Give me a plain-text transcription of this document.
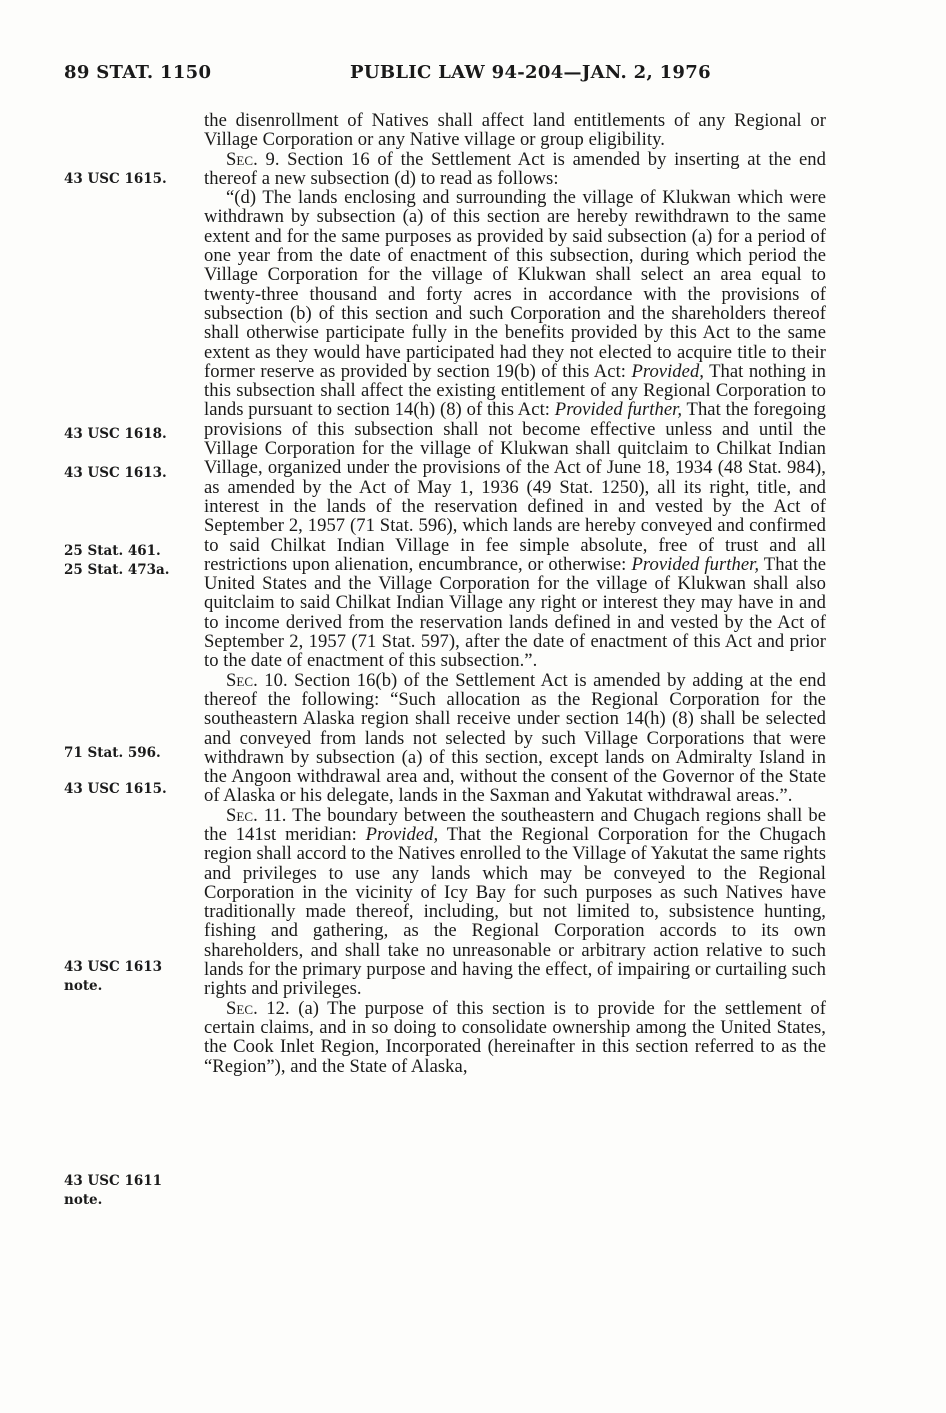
89 STAT. 1150	PUBLIC LAW 94-204—JAN. 2, 1976
43 USC 1615.
43 USC 1618.
43 USC 1613.
25 Stat. 461.
25 Stat. 473a.
71 Stat. 596.
43 USC 1615.
43 USC 1613 note.
43 USC 1611 note.

the disenrollment of Natives shall affect land entitlements of any Regional or Village Corporation or any Native village or group eligibility.

Sec. 9. Section 16 of the Settlement Act is amended by inserting at the end thereof a new subsection (d) to read as follows:

“(d) The lands enclosing and surrounding the village of Klukwan which were withdrawn by subsection (a) of this section are hereby rewithdrawn to the same extent and for the same purposes as provided by said subsection (a) for a period of one year from the date of enactment of this subsection, during which period the Village Corporation for the village of Klukwan shall select an area equal to twenty-three thousand and forty acres in accordance with the provisions of subsection (b) of this section and such Corporation and the shareholders thereof shall otherwise participate fully in the benefits provided by this Act to the same extent as they would have participated had they not elected to acquire title to their former reserve as provided by section 19(b) of this Act: Provided, That nothing in this subsection shall affect the existing entitlement of any Regional Corporation to lands pursuant to section 14(h) (8) of this Act: Provided further, That the foregoing provisions of this subsection shall not become effective unless and until the Village Corporation for the village of Klukwan shall quitclaim to Chilkat Indian Village, organized under the provisions of the Act of June 18, 1934 (48 Stat. 984), as amended by the Act of May 1, 1936 (49 Stat. 1250), all its right, title, and interest in the lands of the reservation defined in and vested by the Act of September 2, 1957 (71 Stat. 596), which lands are hereby conveyed and confirmed to said Chilkat Indian Village in fee simple absolute, free of trust and all restrictions upon alienation, encumbrance, or otherwise: Provided further, That the United States and the Village Corporation for the village of Klukwan shall also quitclaim to said Chilkat Indian Village any right or interest they may have in and to income derived from the reservation lands defined in and vested by the Act of September 2, 1957 (71 Stat. 597), after the date of enactment of this Act and prior to the date of enactment of this subsection.”.

Sec. 10. Section 16(b) of the Settlement Act is amended by adding at the end thereof the following: “Such allocation as the Regional Corporation for the southeastern Alaska region shall receive under section 14(h) (8) shall be selected and conveyed from lands not selected by such Village Corporations that were withdrawn by subsection (a) of this section, except lands on Admiralty Island in the Angoon withdrawal area and, without the consent of the Governor of the State of Alaska or his delegate, lands in the Saxman and Yakutat withdrawal areas.”.

Sec. 11. The boundary between the southeastern and Chugach regions shall be the 141st meridian: Provided, That the Regional Corporation for the Chugach region shall accord to the Natives enrolled to the Village of Yakutat the same rights and privileges to use any lands which may be conveyed to the Regional Corporation in the vicinity of Icy Bay for such purposes as such Natives have traditionally made thereof, including, but not limited to, subsistence hunting, fishing and gathering, as the Regional Corporation accords to its own shareholders, and shall take no unreasonable or arbitrary action relative to such lands for the primary purpose and having the effect, of impairing or curtailing such rights and privileges.

Sec. 12. (a) The purpose of this section is to provide for the settlement of certain claims, and in so doing to consolidate ownership among the United States, the Cook Inlet Region, Incorporated (hereinafter in this section referred to as the “Region”), and the State of Alaska,
